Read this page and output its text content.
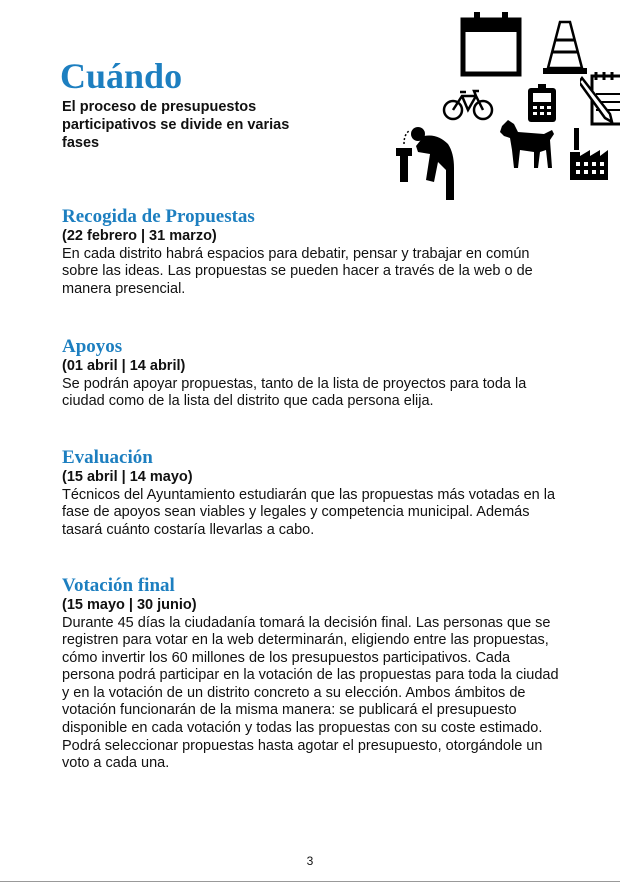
Cuándo

El proceso de presupuestos participativos se divide en varias fases

Recogida de Propuestas

(22 febrero | 31 marzo)

En cada distrito habrá espacios para debatir, pensar y trabajar en común sobre las ideas. Las propuestas se pueden hacer a través de la web o de manera presencial.

Apoyos

(01 abril | 14 abril)

Se podrán apoyar propuestas, tanto de la lista de proyectos para toda la ciudad como de la lista del distrito que cada persona elija.

Evaluación

(15 abril | 14 mayo)

Técnicos del Ayuntamiento estudiarán que las propuestas más votadas en la fase de apoyos sean viables y legales y competencia municipal. Además tasará cuánto costaría llevarlas a cabo.

Votación final

(15 mayo | 30 junio)

Durante 45 días la ciudadanía tomará la decisión final. Las personas que se registren para votar en la web determinarán, eligiendo entre las propuestas, cómo invertir los 60 millones de los presupuestos participativos. Cada persona podrá participar en la votación de las propuestas para toda la ciudad y en la votación de un distrito concreto a su elección. Ambos ámbitos de votación funcionarán de la misma manera: se publicará el presupuesto disponible en cada votación y todas las propuestas con su coste estimado. Podrá seleccionar propuestas hasta agotar el presupuesto, otorgándole un voto a cada una.

3
